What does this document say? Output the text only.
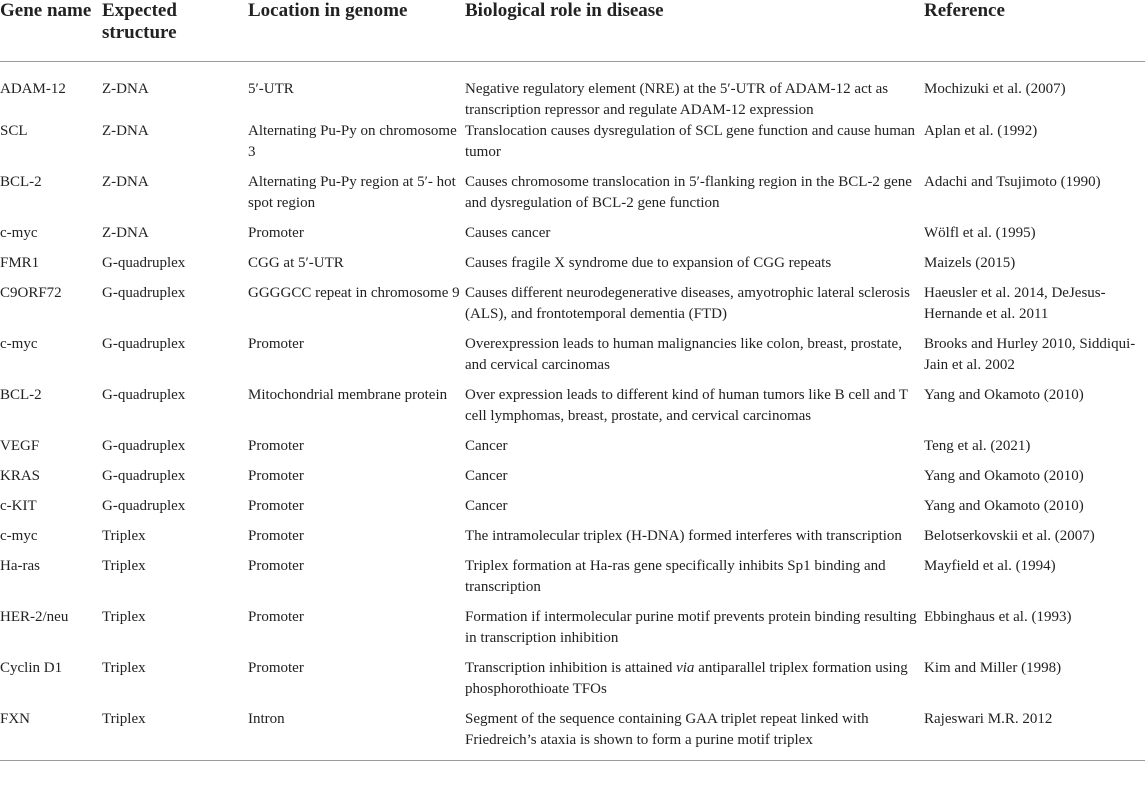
Gene name	Expected structure	Location in genome	Biological role in disease	Reference
ADAM-12	Z-DNA	5′-UTR	Negative regulatory element (NRE) at the 5′-UTR of ADAM-12 act as transcription repressor and regulate ADAM-12 expression	Mochizuki et al. (2007)
SCL	Z-DNA	Alternating Pu-Py on chromosome 3	Translocation causes dysregulation of SCL gene function and cause human tumor	Aplan et al. (1992)
BCL-2	Z-DNA	Alternating Pu-Py region at 5′- hot spot region	Causes chromosome translocation in 5′-flanking region in the BCL-2 gene and dysregulation of BCL-2 gene function	Adachi and Tsujimoto (1990)
c-myc	Z-DNA	Promoter	Causes cancer	Wölfl et al. (1995)
FMR1	G-quadruplex	CGG at 5′-UTR	Causes fragile X syndrome due to expansion of CGG repeats	Maizels (2015)
C9ORF72	G-quadruplex	GGGGCC repeat in chromosome 9	Causes different neurodegenerative diseases, amyotrophic lateral sclerosis (ALS), and frontotemporal dementia (FTD)	Haeusler et al. 2014, DeJesus-Hernande et al. 2011
c-myc	G-quadruplex	Promoter	Overexpression leads to human malignancies like colon, breast, prostate, and cervical carcinomas	Brooks and Hurley 2010, Siddiqui-Jain et al. 2002
BCL-2	G-quadruplex	Mitochondrial membrane protein	Over expression leads to different kind of human tumors like B cell and T cell lymphomas, breast, prostate, and cervical carcinomas	Yang and Okamoto (2010)
VEGF	G-quadruplex	Promoter	Cancer	Teng et al. (2021)
KRAS	G-quadruplex	Promoter	Cancer	Yang and Okamoto (2010)
c-KIT	G-quadruplex	Promoter	Cancer	Yang and Okamoto (2010)
c-myc	Triplex	Promoter	The intramolecular triplex (H-DNA) formed interferes with transcription	Belotserkovskii et al. (2007)
Ha-ras	Triplex	Promoter	Triplex formation at Ha-ras gene specifically inhibits Sp1 binding and transcription	Mayfield et al. (1994)
HER-2/neu	Triplex	Promoter	Formation if intermolecular purine motif prevents protein binding resulting in transcription inhibition	Ebbinghaus et al. (1993)
Cyclin D1	Triplex	Promoter	Transcription inhibition is attained via antiparallel triplex formation using phosphorothioate TFOs	Kim and Miller (1998)
FXN	Triplex	Intron	Segment of the sequence containing GAA triplet repeat linked with Friedreich’s ataxia is shown to form a purine motif triplex	Rajeswari M.R. 2012
